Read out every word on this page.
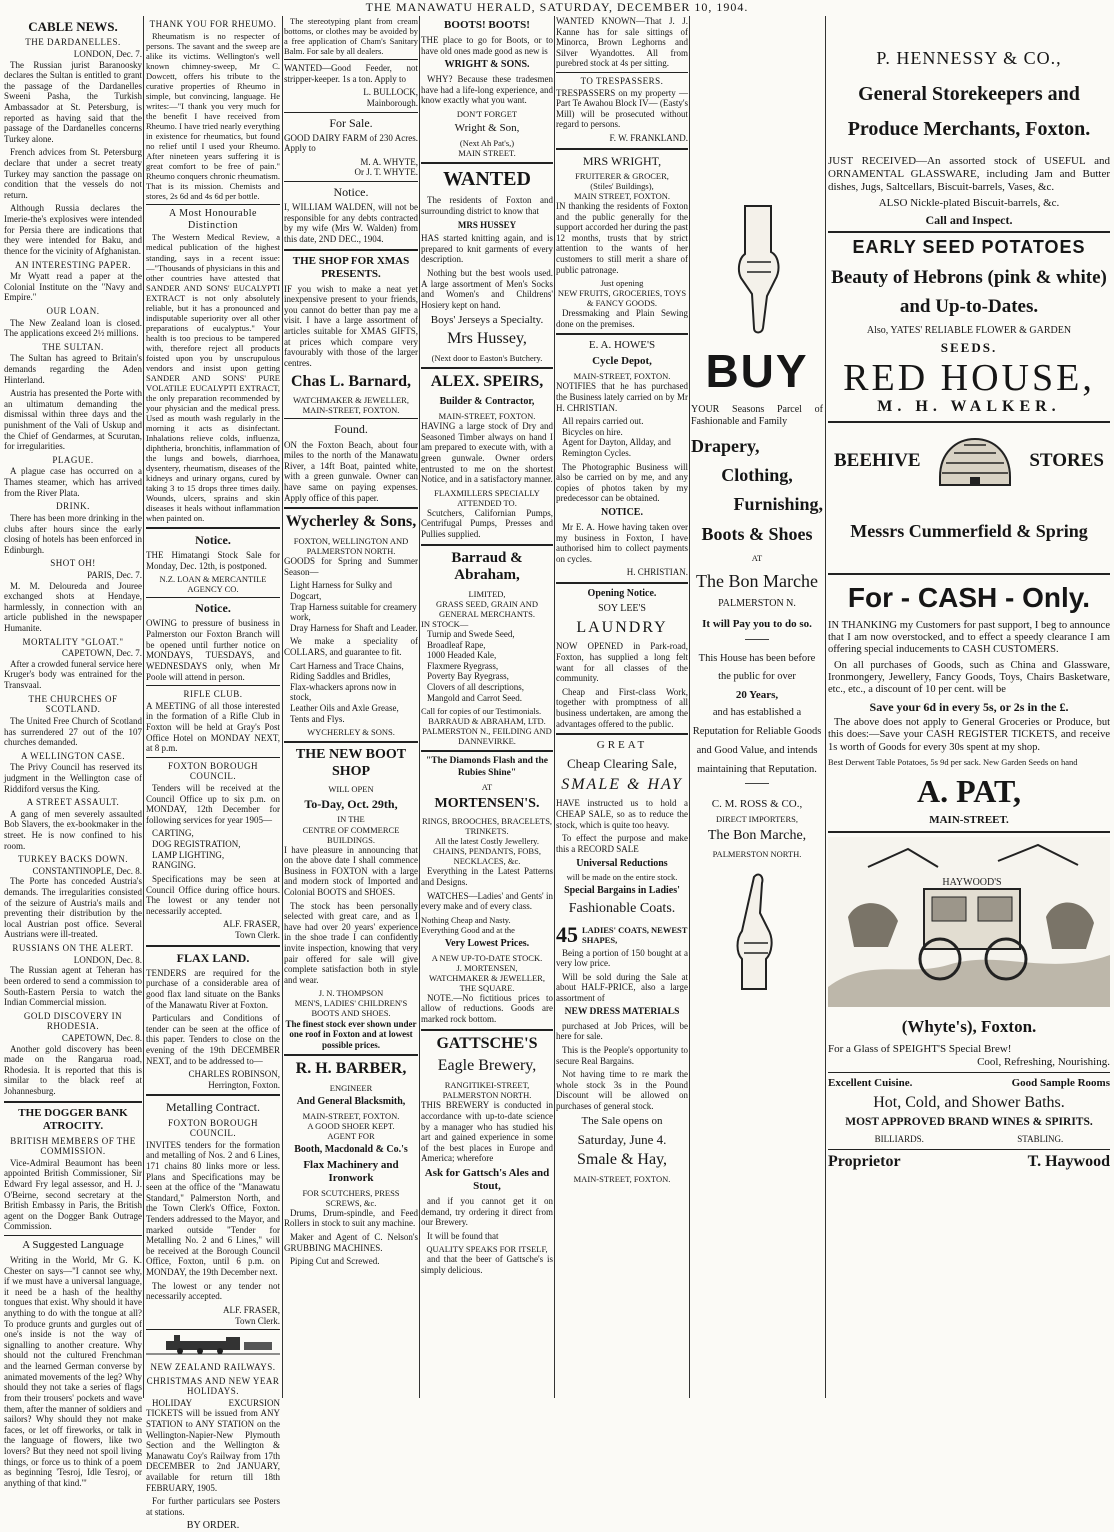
THE MANAWATU HERALD, SATURDAY, DECEMBER 10, 1904.
CABLE NEWS.
THE DARDANELLES.
LONDON, Dec. 7.

The Russian jurist Baranoosky declares the Sultan is entitled to grant the passage of the Dardanelles Sweeni Pasha, the Turkish Ambassador at St. Petersburg, is reported as having said that the passage of the Dardanelles concerns Turkey alone.

French advices from St. Petersburg declare that under a secret treaty Turkey may sanction the passage on condition that the vessels do not return.

Although Russia declares the Imerie-the's explosives were intended for Persia there are indications that they were intended for Baku, and thence for the vicinity of Afghanistan.

AN INTERESTING PAPER.

Mr Wyatt read a paper at the Colonial Institute on the "Navy and Empire."

OUR LOAN.

The New Zealand loan is closed. The applications exceed 2½ millions.

THE SULTAN.

The Sultan has agreed to Britain's demands regarding the Aden Hinterland.

Austria has presented the Porte with an ultimatum demanding the dismissal within three days and the punishment of the Vali of Uskup and the Chief of Gendarmes, at Scurutan, for irregularities.

PLAGUE.

A plague case has occurred on a Thames steamer, which has arrived from the River Plata.

DRINK.

There has been more drinking in the clubs after hours since the early closing of hotels has been enforced in Edinburgh.

SHOT OH!
PARIS, Dec. 7.

M. M. Deloureda and Jouree exchanged shots at Hendaye, harmlessly, in connection with an article published in the newspaper Humanite.

MORTALITY "GLOAT."
CAPETOWN, Dec. 7.

After a crowded funeral service here Kruger's body was entrained for the Transvaal.

THE CHURCHES OF SCOTLAND.

The United Free Church of Scotland has surrendered 27 out of the 107 churches demanded.

A WELLINGTON CASE.

The Privy Council has reserved its judgment in the Wellington case of Riddiford versus the King.

A STREET ASSAULT.

A gang of men severely assaulted Bob Slavers, the ex-bookmaker in the street. He is now confined to his room.

TURKEY BACKS DOWN.
CONSTANTINOPLE, Dec. 8.

The Porte has conceded Austria's demands. The irregularities consisted of the seizure of Austria's mails and preventing their distribution by the local Austrian post office. Several Austrians were ill-treated.

RUSSIANS ON THE ALERT.
LONDON, Dec. 8.

The Russian agent at Teheran has been ordered to send a commission to South-Eastern Persia to watch the Indian Commercial mission.

GOLD DISCOVERY IN RHODESIA.
CAPETOWN, Dec. 8.

Another gold discovery has been made on the Rangarua road, Rhodesia. It is reported that this is similar to the black reef at Johannesburg.

THE DOGGER BANK ATROCITY.
BRITISH MEMBERS OF THE COMMISSION.

Vice-Admiral Beaumont has been appointed British Commissioner, Sir Edward Fry legal assessor, and H. J. O'Beirne, second secretary at the British Embassy in Paris, the British agent on the Dogger Bank Outrage Commission.

A Suggested Language

Writing in the World, Mr G. K. Chester on says—"I cannot see why, if we must have a universal language, it need be a hash of the healthy tongues that exist. Why should it have anything to do with the tongue at all? To produce grunts and gurgles out of one's inside is not the way of signalling to another creature. Why should not the cultured Frenchman and the learned German converse by animated movements of the leg? Why should they not take a series of flags from their trousers' pockets and wave them, after the manner of soldiers and sailors? Why should they not make faces, or let off fireworks, or talk in the language of flowers, like two lovers? But they need not spoil living things, or force us to think of a poem as beginning 'Tesroj, Idle Tesroj, or anything of that kind.'"

THANK YOU FOR RHEUMO.

Rheumatism is no respecter of persons. The savant and the sweep are alike its victims. Wellington's well known chimney-sweep, Mr C. Dowcett, offers his tribute to the curative properties of Rheumo in simple, but convincing, language. He writes:—"I thank you very much for the benefit I have received from Rheumo. I have tried nearly everything in existence for rheumatics, but found no relief until I used your Rheumo. After nineteen years suffering it is great comfort to be free of pain." Rheumo conquers chronic rheumatism. That is its mission. Chemists and stores, 2s 6d and 4s 6d per bottle.

A Most Honourable Distinction

The Western Medical Review, a medical publication of the highest standing, says in a recent issue:—"Thousands of physicians in this and other countries have attested that SANDER AND SONS' EUCALYPTI EXTRACT is not only absolutely reliable, but it has a pronounced and indisputable superiority over all other preparations of eucalyptus." Your health is too precious to be tampered with, therefore reject all products foisted upon you by unscrupulous vendors and insist upon getting SANDER AND SONS' PURE VOLATILE EUCALYPTI EXTRACT, the only preparation recommended by your physician and the medical press. Used as mouth wash regularly in the morning it acts as disinfectant. Inhalations relieve colds, influenza, diphtheria, bronchitis, inflammation of the lungs and bowels, diarrhoea, dysentery, rheumatism, diseases of the kidneys and urinary organs, cured by taking 3 to 15 drops three times daily. Wounds, ulcers, sprains and skin diseases it heals without inflammation when painted on.

Notice.

THE Himatangi Stock Sale for Monday, Dec. 12th, is postponed.

N.Z. LOAN & MERCANTILE AGENCY CO.
Notice.

OWING to pressure of business in Palmerston our Foxton Branch will be opened until further notice on MONDAYS, TUESDAYS, and WEDNESDAYS only, when Mr Poole will attend in person.

RIFLE CLUB.

A MEETING of all those interested in the formation of a Rifle Club in Foxton will be held at Gray's Post Office Hotel on MONDAY NEXT, at 8 p.m.

FOXTON BOROUGH COUNCIL.

Tenders will be received at the Council Office up to six p.m. on MONDAY, 12th December for following services for year 1905—

CARTING,
DOG REGISTRATION,
LAMP LIGHTING,
RANGING.

Specifications may be seen at Council Office during office hours. The lowest or any tender not necessarily accepted.

ALF. FRASER,
Town Clerk.
FLAX LAND.

TENDERS are required for the purchase of a considerable area of good flax land situate on the Banks of the Manawatu River at Foxton.

Particulars and Conditions of tender can be seen at the office of this paper. Tenders to close on the evening of the 19th DECEMBER NEXT, and to be addressed to—

CHARLES ROBINSON,
Herrington, Foxton.
Metalling Contract.
FOXTON BOROUGH COUNCIL.

INVITES tenders for the formation and metalling of Nos. 2 and 6 Lines, 171 chains 80 links more or less. Plans and Specifications may be seen at the office of the "Manawatu Standard," Palmerston North, and the Town Clerk's Office, Foxton. Tenders addressed to the Mayor, and marked outside "Tender for Metalling No. 2 and 6 Lines," will be received at the Borough Council Office, Foxton, until 6 p.m. on MONDAY, the 19th December next.

The lowest or any tender not necessarily accepted.

ALF. FRASER,
Town Clerk.
NEW ZEALAND RAILWAYS.
CHRISTMAS AND NEW YEAR HOLIDAYS.

HOLIDAY EXCURSION TICKETS will be issued from ANY STATION to ANY STATION on the Wellington-Napier-New Plymouth Section and the Wellington & Manawatu Coy's Railway from 17th DECEMBER to 2nd JANUARY, available for return till 18th FEBRUARY, 1905.

For further particulars see Posters at stations.

BY ORDER.

The stereotyping plant from cream bottoms, or clothes may be avoided by a free application of Cham's Sanitary Balm. For sale by all dealers.

WANTED—Good Feeder, not stripper-keeper. 1s a ton. Apply to

L. BULLOCK,
Mainborough.
For Sale.

GOOD DAIRY FARM of 230 Acres. Apply to

M. A. WHYTE,
Or J. T. WHYTE.
Notice.

I, WILLIAM WALDEN, will not be responsible for any debts contracted by my wife (Mrs W. Walden) from this date, 2ND DEC., 1904.

THE SHOP FOR XMAS PRESENTS.

IF you wish to make a neat yet inexpensive present to your friends, you cannot do better than pay me a visit. I have a large assortment of articles suitable for XMAS GIFTS, at prices which compare very favourably with those of the larger centres.

Chas L. Barnard,
WATCHMAKER & JEWELLER,
MAIN-STREET, FOXTON.
Found.

ON the Foxton Beach, about four miles to the north of the Manawatu River, a 14ft Boat, painted white, with a green gunwale. Owner can have same on paying expenses. Apply office of this paper.

Wycherley & Sons,
FOXTON, WELLINGTON AND PALMERSTON NORTH.

GOODS for Spring and Summer Season—

Light Harness for Sulky and Dogcart,
Trap Harness suitable for creamery work,
Dray Harness for Shaft and Leader.

We make a speciality of COLLARS, and guarantee to fit.

Cart Harness and Trace Chains,
Riding Saddles and Bridles,
Flax-whackers aprons now in stock,
Leather Oils and Axle Grease,
Tents and Flys.
WYCHERLEY & SONS.
THE NEW BOOT SHOP
WILL OPEN
To-Day, Oct. 29th,
IN THE
CENTRE OF COMMERCE BUILDINGS.

I have pleasure in announcing that on the above date I shall commence Business in FOXTON with a large and modern stock of Imported and Colonial BOOTS and SHOES.

The stock has been personally selected with great care, and as I have had over 20 years' experience in the shoe trade I can confidently invite inspection, knowing that very pair offered for sale will give complete satisfaction both in style and wear.

J. N. THOMPSON
MEN'S, LADIES' CHILDREN'S BOOTS AND SHOES.
The finest stock ever shown under one roof in Foxton and at lowest possible prices.
R. H. BARBER,
ENGINEER
And General Blacksmith,
MAIN-STREET, FOXTON.
A GOOD SHOER KEPT.
AGENT FOR
Booth, Macdonald & Co.'s
Flax Machinery and Ironwork
FOR SCUTCHERS, PRESS SCREWS, &c.

Drums, Drum-spindle, and Feed Rollers in stock to suit any machine.

Maker and Agent of C. Nelson's GRUBBING MACHINES.

Piping Cut and Screwed.

BOOTS! BOOTS!

THE place to go for Boots, or to have old ones made good as new is

WRIGHT & SONS.

WHY? Because these tradesmen have had a life-long experience, and know exactly what you want.

DON'T FORGET
Wright & Son,
(Next Ah Pat's,)
MAIN STREET.
WANTED

The residents of Foxton and surrounding district to know that

MRS HUSSEY

HAS started knitting again, and is prepared to knit garments of every description.

Nothing but the best wools used. A large assortment of Men's Socks and Women's and Childrens' Hosiery kept on hand.

Boys' Jerseys a Specialty.
Mrs Hussey,
(Next door to Easton's Butchery.
ALEX. SPEIRS,
Builder & Contractor,
MAIN-STREET, FOXTON.

HAVING a large stock of Dry and Seasoned Timber always on hand I am prepared to execute with, with a green gunwale. Owner orders entrusted to me on the shortest Notice, and in a satisfactory manner.

FLAXMILLERS SPECIALLY ATTENDED TO.

Scutchers, Californian Pumps, Centrifugal Pumps, Presses and Pullies supplied.

Barraud & Abraham,
LIMITED,
GRASS SEED, GRAIN AND GENERAL MERCHANTS.
IN STOCK—
Turnip and Swede Seed,
Broadleaf Rape,
1000 Headed Kale,
Flaxmere Ryegrass,
Poverty Bay Ryegrass,
Clovers of all descriptions,
Mangold and Carrot Seed.
Call for copies of our Testimonials.
BARRAUD & ABRAHAM, LTD.
PALMERSTON N., FEILDING AND DANNEVIRKE.
"The Diamonds Flash and the Rubies Shine"
AT
MORTENSEN'S.
RINGS, BROOCHES, BRACELETS, TRINKETS.
All the latest Costly Jewellery.
CHAINS, PENDANTS, FOBS, NECKLACES, &c.

Everything in the Latest Patterns and Designs.

WATCHES—Ladies' and Gents' in every make and of every class.

Nothing Cheap and Nasty.
Everything Good and at the
Very Lowest Prices.
A NEW UP-TO-DATE STOCK.
J. MORTENSEN,
WATCHMAKER & JEWELLER,
THE SQUARE.

NOTE.—No fictitious prices to allow of reductions. Goods are marked rock bottom.

GATTSCHE'S
Eagle Brewery,
RANGITIKEI-STREET,
PALMERSTON NORTH.

THIS BREWERY is conducted in accordance with up-to-date science by a manager who has studied his art and gained experience in some of the best places in Europe and America; wherefore

Ask for Gattsch's Ales and Stout,

and if you cannot get it on demand, try ordering it direct from our Brewery.

It will be found that

QUALITY SPEAKS FOR ITSELF,

and that the beer of Gattsche's is simply delicious.

WANTED KNOWN—That J. J. Kanne has for sale sittings of Minorca, Brown Leghorns and Silver Wyandottes. All from purebred stock at 4s per sitting.

TO TRESPASSERS.

TRESPASSERS on my property —Part Te Awahou Block IV— (Easty's Mill) will be prosecuted without regard to persons.

F. W. FRANKLAND.
MRS WRIGHT,
FRUITERER & GROCER,
(Stiles' Buildings),
MAIN STREET, FOXTON.

IN thanking the residents of Foxton and the public generally for the support accorded her during the past 12 months, trusts that by strict attention to the wants of her customers to still merit a share of public patronage.

Just opening
NEW FRUITS, GROCERIES, TOYS & FANCY GOODS.

Dressmaking and Plain Sewing done on the premises.

E. A. HOWE'S
Cycle Depot,
MAIN-STREET, FOXTON.

NOTIFIES that he has purchased the Business lately carried on by Mr H. CHRISTIAN.

All repairs carried out.
Bicycles on hire.
Agent for Dayton, Allday, and Remington Cycles.

The Photographic Business will also be carried on by me, and any copies of photos taken by my predecessor can be obtained.

NOTICE.

Mr E. A. Howe having taken over my business in Foxton, I have authorised him to collect payments on cycles.

H. CHRISTIAN.
Opening Notice.
SOY LEE'S
LAUNDRY

NOW OPENED in Park-road, Foxton, has supplied a long felt want for all classes of the community.

Cheap and First-class Work, together with promptness of all business undertaken, are among the advantages offered to the public.

GREAT
Cheap Clearing Sale,
SMALE & HAY

HAVE instructed us to hold a CHEAP SALE, so as to reduce the stock, which is quite too heavy.

To effect the purpose and make this a RECORD SALE

Universal Reductions
will be made on the entire stock.
Special Bargains in Ladies'
Fashionable Coats.
45 LADIES' COATS, NEWEST SHAPES,

Being a portion of 150 bought at a very low price.

Will be sold during the Sale at about HALF-PRICE, also a large assortment of

NEW DRESS MATERIALS

purchased at Job Prices, will be here for sale.

This is the People's opportunity to secure Real Bargains.

Not having time to re mark the whole stock 3s in the Pound Discount will be allowed on purchases of general stock.

The Sale opens on
Saturday, June 4.
Smale & Hay,
MAIN-STREET, FOXTON.
BUY

YOUR Seasons Parcel of Fashionable and Family

Drapery,
Clothing,
Furnishing,
Boots & Shoes
AT
The Bon Marche
PALMERSTON N.
It will Pay you to do so.
This House has been before the public for over
20 Years,
and has established a Reputation for Reliable Goods and Good Value, and intends maintaining that Reputation.
C. M. ROSS & CO.,
DIRECT IMPORTERS,
The Bon Marche,
PALMERSTON NORTH.
P. HENNESSY & CO.,
General Storekeepers and Produce Merchants, Foxton.

JUST RECEIVED—An assorted stock of USEFUL and ORNAMENTAL GLASSWARE, including Jam and Butter dishes, Jugs, Saltcellars, Biscuit-barrels, Vases, &c.

ALSO Nickle-plated Biscuit-barrels, &c.
Call and Inspect.
EARLY SEED POTATOES
Beauty of Hebrons (pink & white) and Up-to-Dates.
Also, YATES' RELIABLE FLOWER & GARDEN
SEEDS.
RED HOUSE,
M. H. WALKER.
BEEHIVE	STORES
Messrs Cummerfield & Spring
For - CASH - Only.

IN THANKING my Customers for past support, I beg to announce that I am now overstocked, and to effect a speedy clearance I am offering special inducements to CASH CUSTOMERS.

On all purchases of Goods, such as China and Glassware, Ironmongery, Jewellery, Fancy Goods, Toys, Chairs Basketware, etc., etc., a discount of 10 per cent. will be

Save your 6d in every 5s, or 2s in the £.

The above does not apply to General Groceries or Produce, but this does:—Save your CASH REGISTER TICKETS, and receive 1s worth of Goods for every 30s spent at my shop.

Best Derwent Table Potatoes, 5s 9d per sack. New Garden Seeds on hand
A. PAT,
MAIN-STREET.
HAYWOOD'S
(Whyte's), Foxton.
For a Glass of SPEIGHT'S Special Brew!
Cool, Refreshing, Nourishing.
Excellent Cuisine.	Good Sample Rooms
Hot, Cold, and Shower Baths.
MOST APPROVED BRAND WINES & SPIRITS.
BILLIARDS.	STABLING.
Proprietor	T. Haywood
